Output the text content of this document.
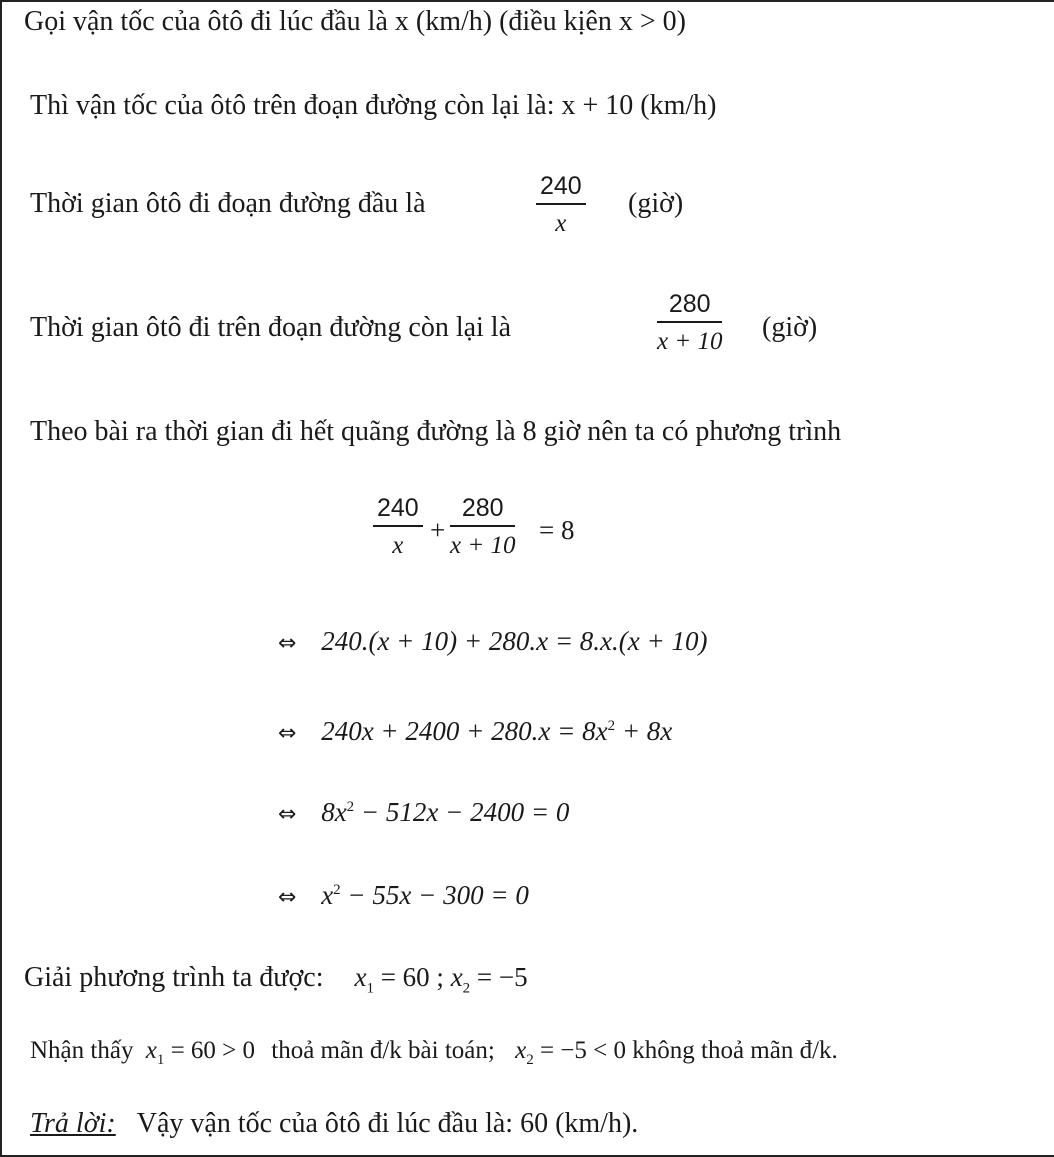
Gọi vận tốc của ôtô đi lúc đầu là x (km/h) (điều kịên x > 0)
Thì vận tốc của ôtô trên đoạn đường còn lại là: x + 10 (km/h)
Thời gian ôtô đi đoạn đường đầu là
240
x
(giờ)
Thời gian ôtô đi trên đoạn đường còn lại là
280
x + 10 (giờ)
Theo bài ra thời gian đi hết quãng đường là 8 giờ nên ta có phương trình
240
x
+
280
x + 10
= 8
⇔ 240.(x + 10) + 280.x = 8.x.(x + 10)
⇔ $240x + 2400 + 280.x = 8x^2 + 8x$
⇔ $8x^2 - 512x - 2400 = 0$
⇔ $x^2 - 55x - 300 = 0$
Giải phương trình ta được: $x_1 = 60$ ; $x_2 = -5$
Nhận thấy $x_1 = 60 > 0$ thoả mãn đ/k bài toán; $x_2 = -5 < 0$ không thoả mãn đ/k.
Trả lời: Vậy vận tốc của ôtô đi lúc đầu là: 60 (km/h).
